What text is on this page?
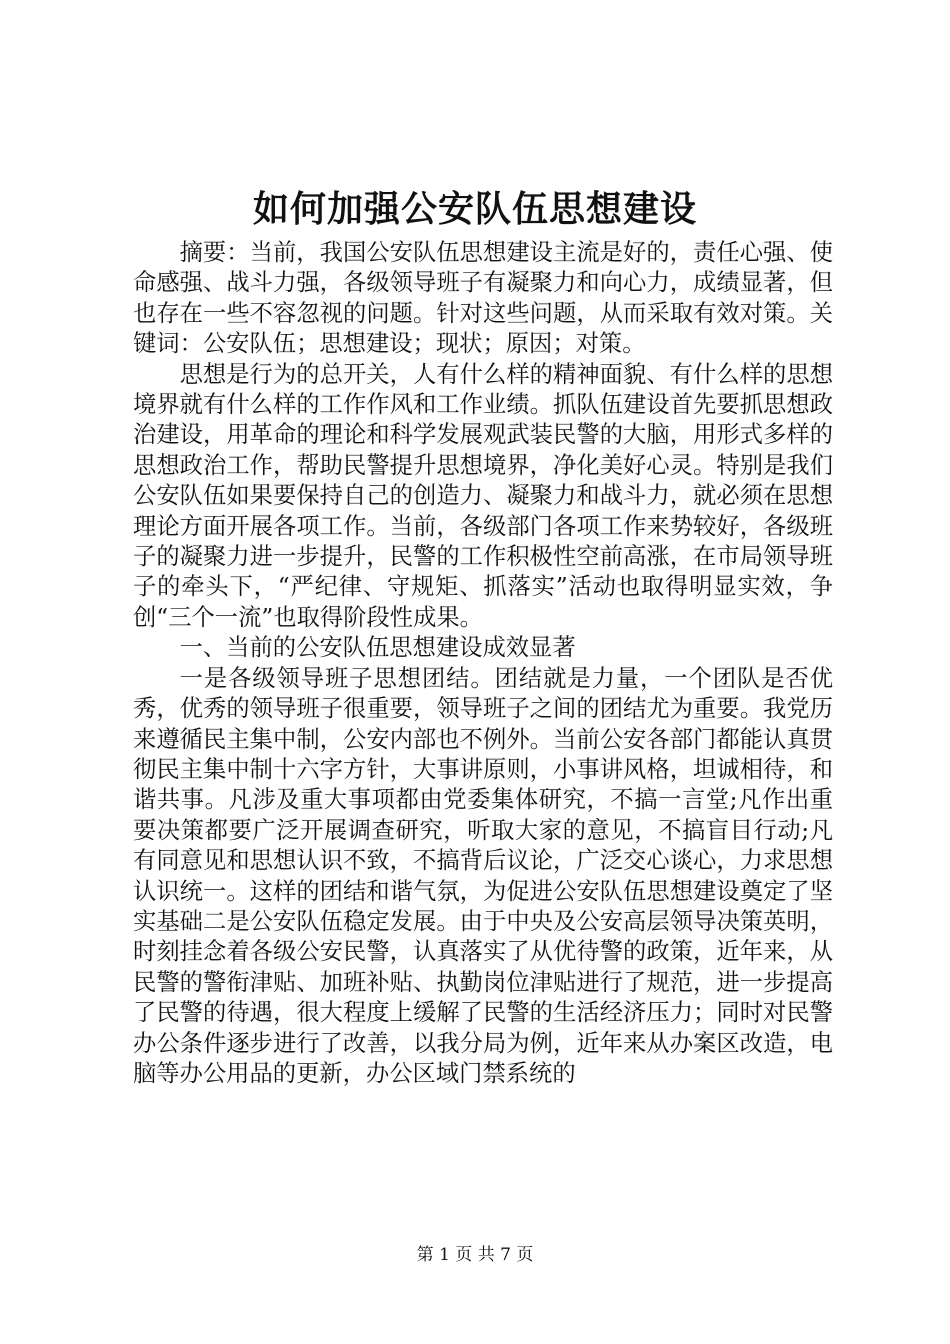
如何加强公安队伍思想建设

摘要：当前，我国公安队伍思想建设主流是好的，责任心强、使命感强、战斗力强，各级领导班子有凝聚力和向心力，成绩显著，但也存在一些不容忽视的问题。针对这些问题，从而采取有效对策。关键词：公安队伍；思想建设；现状；原因；对策。

思想是行为的总开关，人有什么样的精神面貌、有什么样的思想境界就有什么样的工作作风和工作业绩。抓队伍建设首先要抓思想政治建设，用革命的理论和科学发展观武装民警的大脑，用形式多样的思想政治工作，帮助民警提升思想境界，净化美好心灵。特别是我们公安队伍如果要保持自己的创造力、凝聚力和战斗力，就必须在思想理论方面开展各项工作。当前，各级部门各项工作来势较好，各级班子的凝聚力进一步提升，民警的工作积极性空前高涨，在市局领导班子的牵头下，“严纪律、守规矩、抓落实”活动也取得明显实效，争创“三个一流”也取得阶段性成果。

一、当前的公安队伍思想建设成效显著

一是各级领导班子思想团结。团结就是力量，一个团队是否优秀，优秀的领导班子很重要，领导班子之间的团结尤为重要。我党历来遵循民主集中制，公安内部也不例外。当前公安各部门都能认真贯彻民主集中制十六字方针，大事讲原则，小事讲风格，坦诚相待，和谐共事。凡涉及重大事项都由党委集体研究，不搞一言堂;凡作出重要决策都要广泛开展调查研究，听取大家的意见，不搞盲目行动;凡有同意见和思想认识不致，不搞背后议论，广泛交心谈心，力求思想认识统一。这样的团结和谐气氛，为促进公安队伍思想建设奠定了坚实基础二是公安队伍稳定发展。由于中央及公安高层领导决策英明，时刻挂念着各级公安民警，认真落实了从优待警的政策，近年来，从民警的警衔津贴、加班补贴、执勤岗位津贴进行了规范，进一步提高了民警的待遇，很大程度上缓解了民警的生活经济压力；同时对民警办公条件逐步进行了改善，以我分局为例，近年来从办案区改造，电脑等办公用品的更新，办公区域门禁系统的

第 1 页 共 7 页
